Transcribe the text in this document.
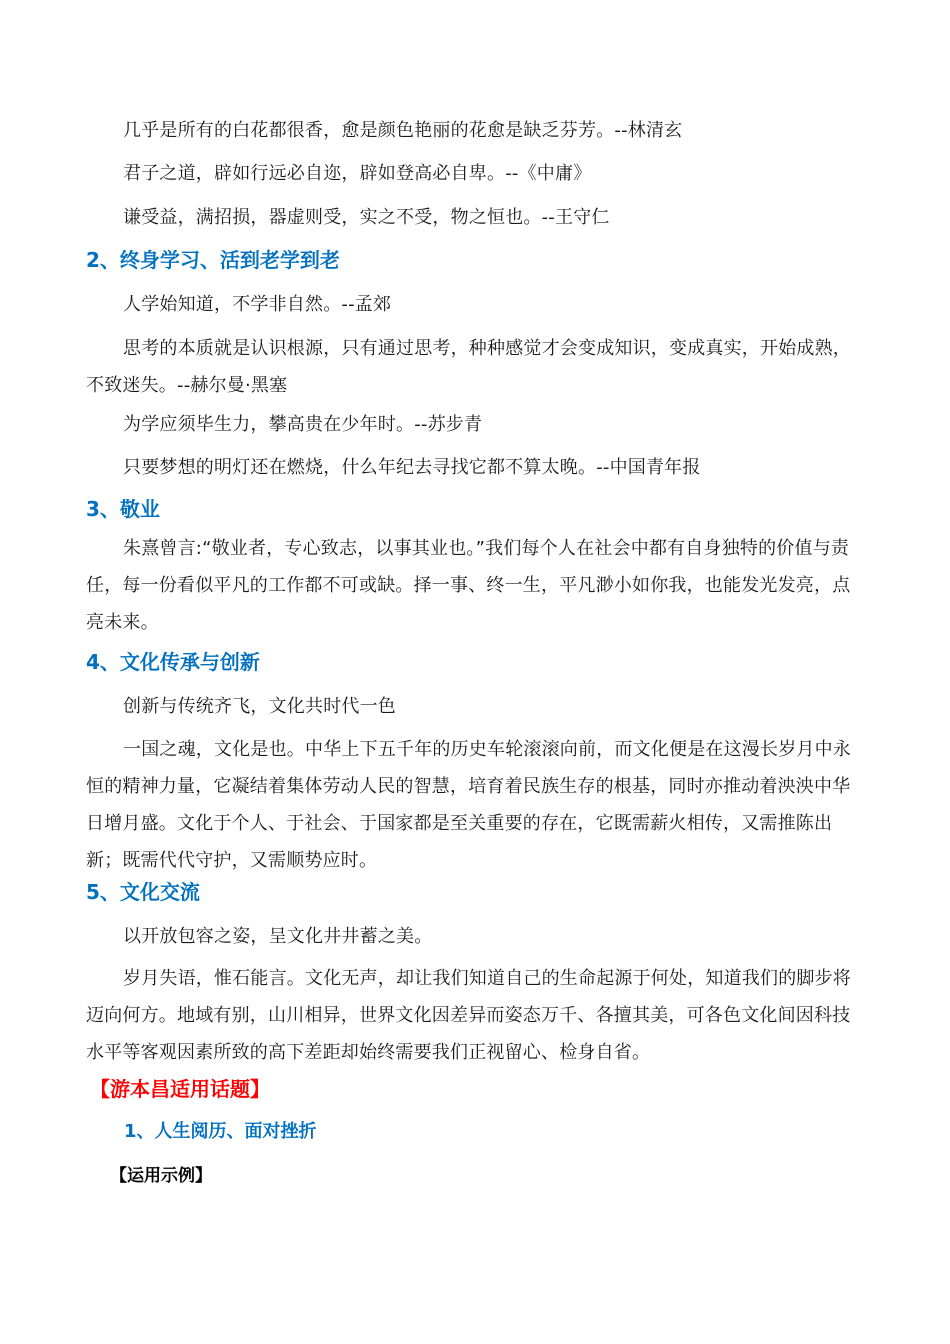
几乎是所有的白花都很香，愈是颜色艳丽的花愈是缺乏芬芳。--林清玄

君子之道，辟如行远必自迩，辟如登高必自卑。--《中庸》

谦受益，满招损，器虚则受，实之不受，物之恒也。--王守仁

2、终身学习、活到老学到老

人学始知道，不学非自然。--孟郊

思考的本质就是认识根源，只有通过思考，种种感觉才会变成知识，变成真实，开始成熟，不致迷失。--赫尔曼·黑塞

为学应须毕生力，攀高贵在少年时。--苏步青

只要梦想的明灯还在燃烧，什么年纪去寻找它都不算太晚。--中国青年报

3、敬业

朱熹曾言:“敬业者，专心致志，以事其业也。”我们每个人在社会中都有自身独特的价值与责任，每一份看似平凡的工作都不可或缺。择一事、终一生，平凡渺小如你我，也能发光发亮，点亮未来。

4、文化传承与创新

创新与传统齐飞，文化共时代一色

一国之魂，文化是也。中华上下五千年的历史车轮滚滚向前，而文化便是在这漫长岁月中永恒的精神力量，它凝结着集体劳动人民的智慧，培育着民族生存的根基，同时亦推动着泱泱中华日增月盛。文化于个人、于社会、于国家都是至关重要的存在，它既需薪火相传，又需推陈出新；既需代代守护，又需顺势应时。

5、文化交流

以开放包容之姿，呈文化井井蓄之美。

岁月失语，惟石能言。文化无声，却让我们知道自己的生命起源于何处，知道我们的脚步将迈向何方。地域有别，山川相异，世界文化因差异而姿态万千、各擅其美，可各色文化间因科技水平等客观因素所致的高下差距却始终需要我们正视留心、检身自省。

【游本昌适用话题】
1、人生阅历、面对挫折
【运用示例】
